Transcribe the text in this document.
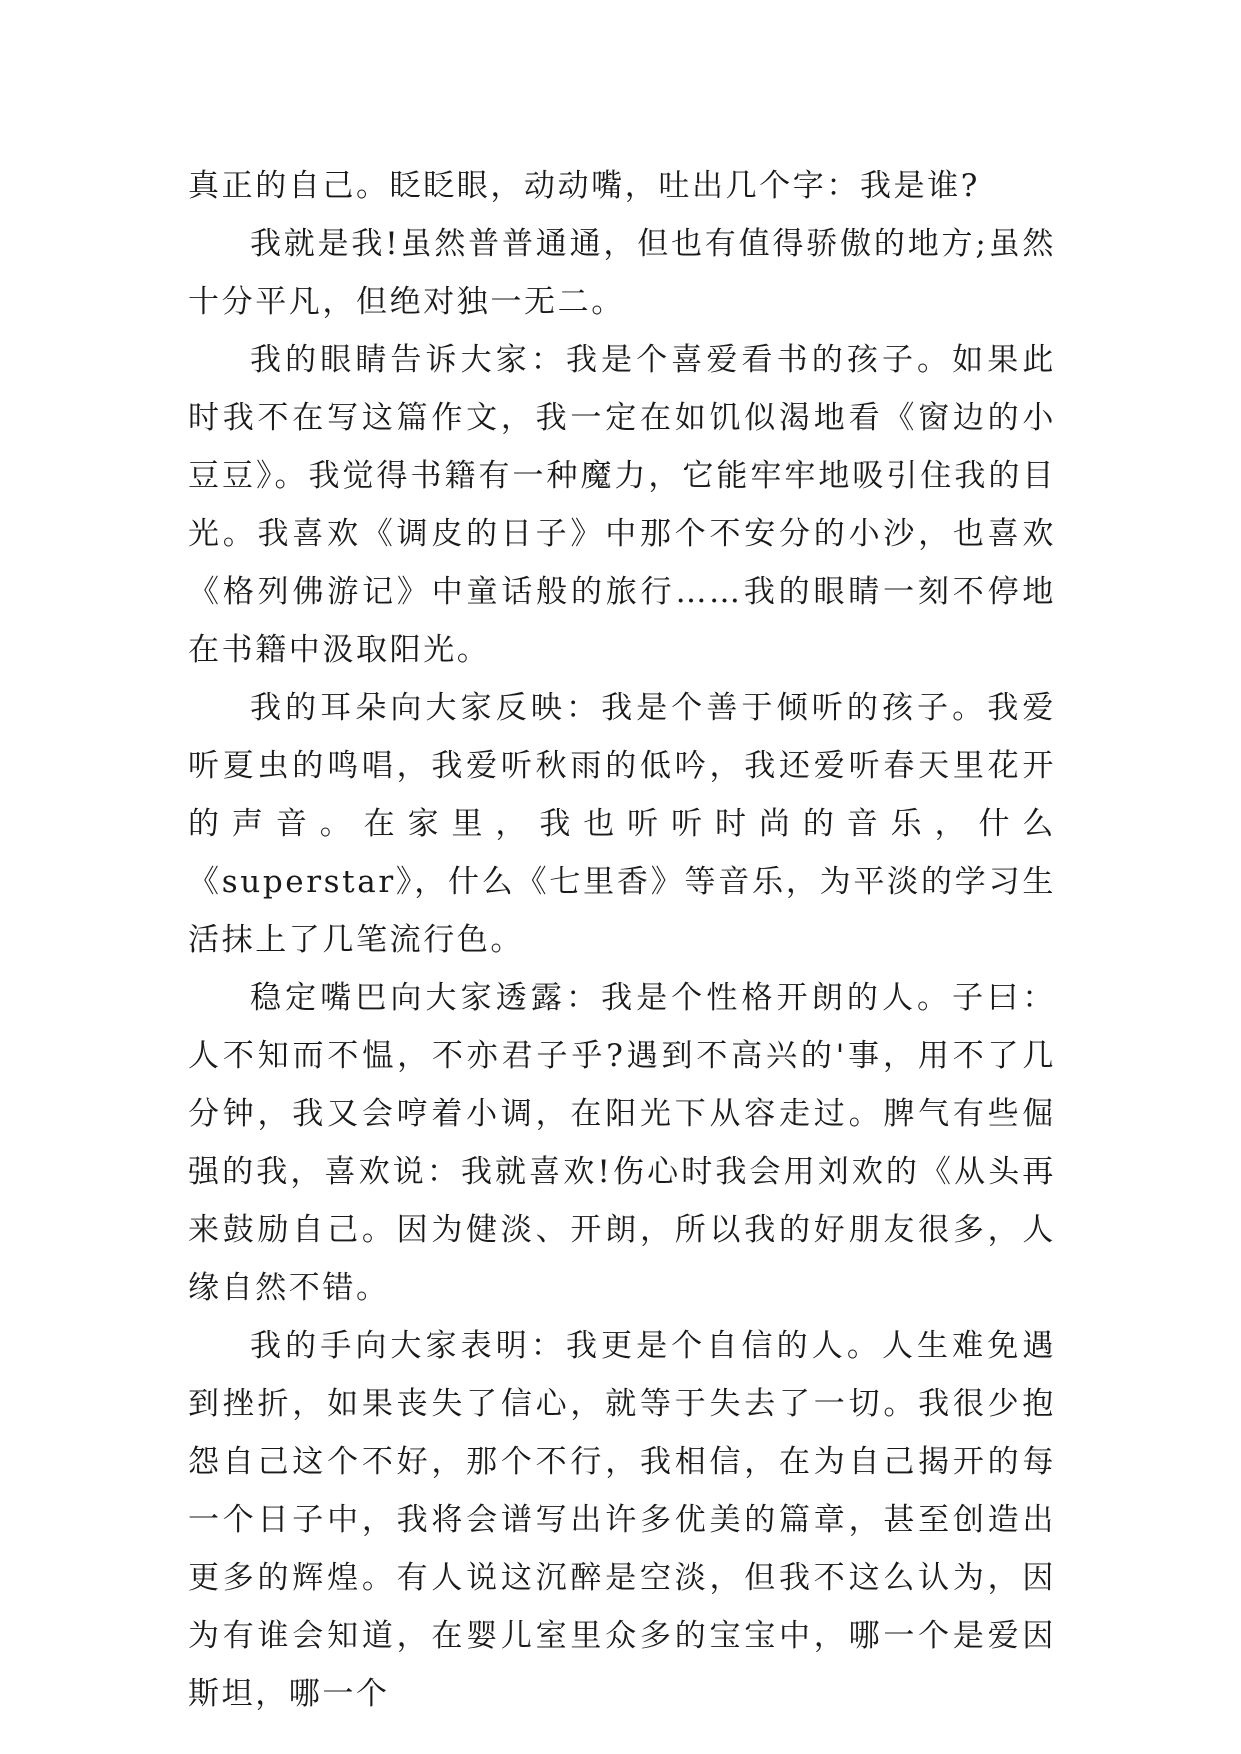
真正的自己。眨眨眼，动动嘴，吐出几个字：我是谁?

我就是我!虽然普普通通，但也有值得骄傲的地方;虽然十分平凡，但绝对独一无二。

我的眼睛告诉大家：我是个喜爱看书的孩子。如果此时我不在写这篇作文，我一定在如饥似渴地看《窗边的小豆豆》。我觉得书籍有一种魔力，它能牢牢地吸引住我的目光。我喜欢《调皮的日子》中那个不安分的小沙，也喜欢《格列佛游记》中童话般的旅行……我的眼睛一刻不停地在书籍中汲取阳光。

我的耳朵向大家反映：我是个善于倾听的孩子。我爱听夏虫的鸣唱，我爱听秋雨的低吟，我还爱听春天里花开的声音。在家里，我也听听时尚的音乐，什么《superstar》，什么《七里香》等音乐，为平淡的学习生活抹上了几笔流行色。

稳定嘴巴向大家透露：我是个性格开朗的人。子曰：人不知而不愠，不亦君子乎?遇到不高兴的'事，用不了几分钟，我又会哼着小调，在阳光下从容走过。脾气有些倔强的我，喜欢说：我就喜欢!伤心时我会用刘欢的《从头再来鼓励自己。因为健淡、开朗，所以我的好朋友很多，人缘自然不错。

我的手向大家表明：我更是个自信的人。人生难免遇到挫折，如果丧失了信心，就等于失去了一切。我很少抱怨自己这个不好，那个不行，我相信，在为自己揭开的每一个日子中，我将会谱写出许多优美的篇章，甚至创造出更多的辉煌。有人说这沉醉是空淡，但我不这么认为，因为有谁会知道，在婴儿室里众多的宝宝中，哪一个是爱因斯坦，哪一个
